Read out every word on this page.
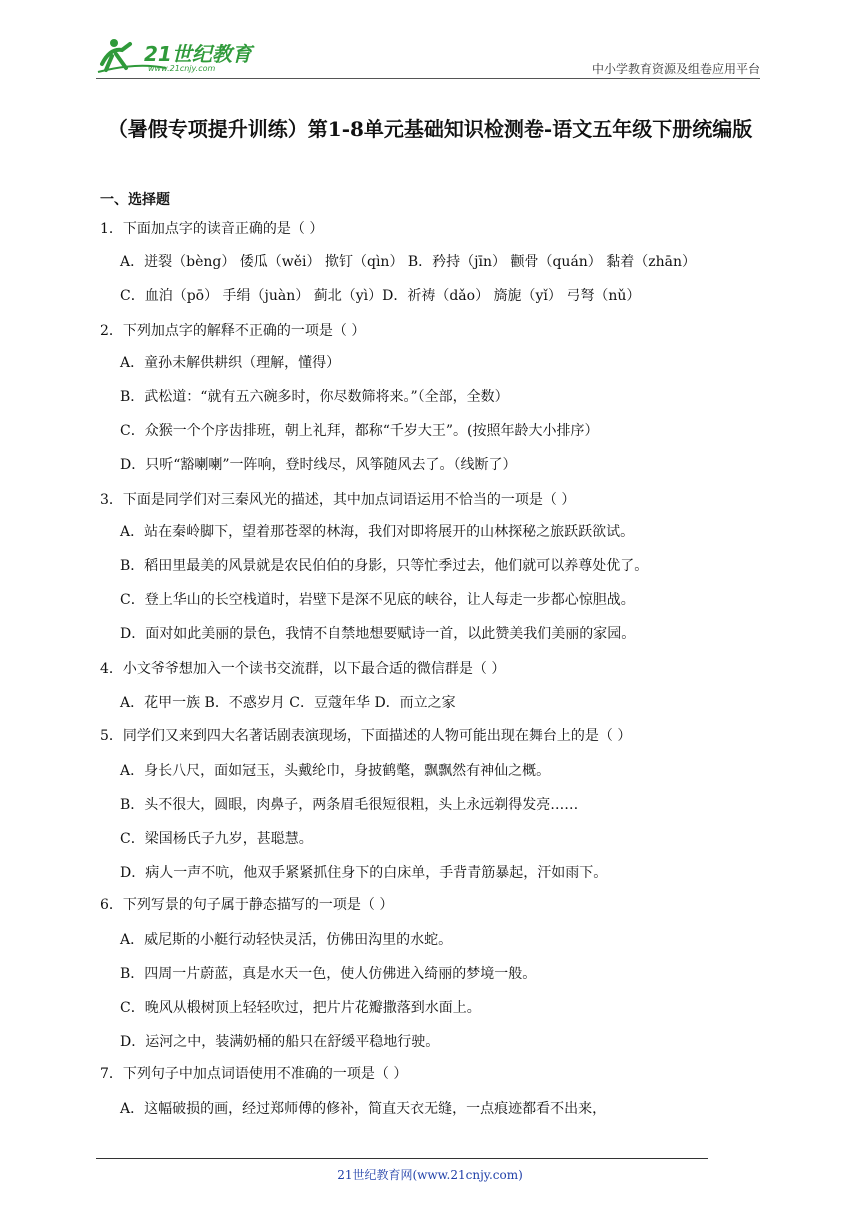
21世纪教育
www.21cnjy.com	中小学教育资源及组卷应用平台
（暑假专项提升训练）第1-8单元基础知识检测卷-语文五年级下册统编版
一、选择题
1．下面加点字的读音正确的是（ ）
A．迸裂（bèng） 倭瓜（wěi） 揿钉（qìn） B．矜持（jīn） 颧骨（quán） 黏着（zhān）
C．血泊（pō） 手绢（juàn） 蓟北（yì）D．祈祷（dǎo） 旖旎（yǐ） 弓弩（nǔ）
2．下列加点字的解释不正确的一项是（ ）
A．童孙未解供耕织（理解，懂得）
B．武松道：“就有五六碗多时，你尽数筛将来。”（全部，全数）
C．众猴一个个序齿排班，朝上礼拜，都称“千岁大王”。(按照年龄大小排序）
D．只听“豁喇喇”一阵响，登时线尽，风筝随风去了。（线断了）
3．下面是同学们对三秦风光的描述，其中加点词语运用不恰当的一项是（ ）
A．站在秦岭脚下，望着那苍翠的林海，我们对即将展开的山林探秘之旅跃跃欲试。
B．稻田里最美的风景就是农民伯伯的身影，只等忙季过去，他们就可以养尊处优了。
C．登上华山的长空栈道时，岩壁下是深不见底的峡谷，让人每走一步都心惊胆战。
D．面对如此美丽的景色，我情不自禁地想要赋诗一首，以此赞美我们美丽的家园。
4．小文爷爷想加入一个读书交流群，以下最合适的微信群是（ ）
A．花甲一族 B．不惑岁月 C．豆蔻年华 D．而立之家
5．同学们又来到四大名著话剧表演现场，下面描述的人物可能出现在舞台上的是（ ）
A．身长八尺，面如冠玉，头戴纶巾，身披鹤氅，飘飘然有神仙之概。
B．头不很大，圆眼，肉鼻子，两条眉毛很短很粗，头上永远剃得发亮……
C．梁国杨氏子九岁，甚聪慧。
D．病人一声不吭，他双手紧紧抓住身下的白床单，手背青筋暴起，汗如雨下。
6．下列写景的句子属于静态描写的一项是（ ）
A．威尼斯的小艇行动轻快灵活，仿佛田沟里的水蛇。
B．四周一片蔚蓝，真是水天一色，使人仿佛进入绮丽的梦境一般。
C．晚风从椴树顶上轻轻吹过，把片片花瓣撒落到水面上。
D．运河之中，装满奶桶的船只在舒缓平稳地行驶。
7．下列句子中加点词语使用不准确的一项是（ ）
A．这幅破损的画，经过郑师傅的修补，简直天衣无缝，一点痕迹都看不出来，
21世纪教育网(www.21cnjy.com)
